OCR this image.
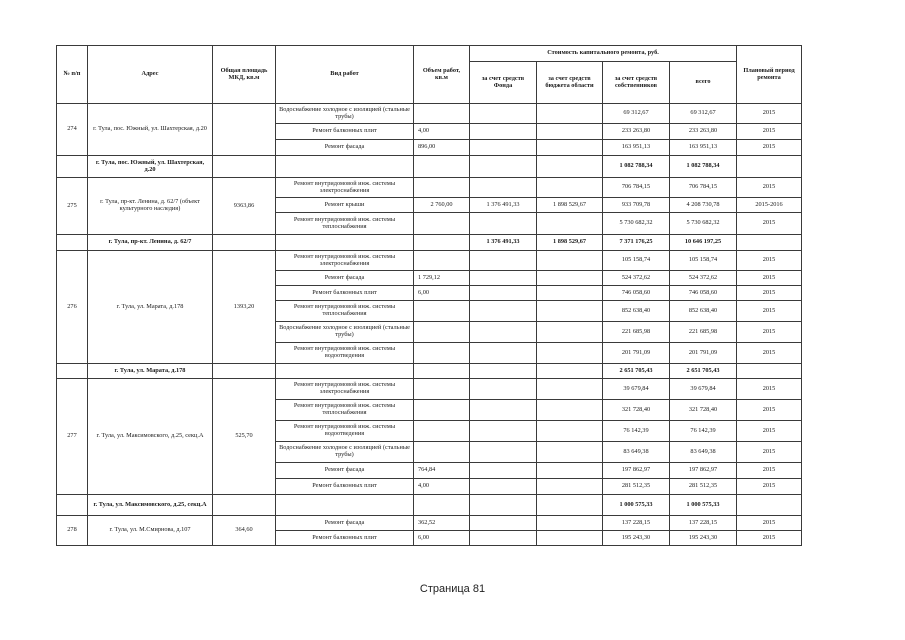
№ п/п	Адрес	Общая площадь МКД, кв.м	Вид работ	Объем работ, кв.м	Стоимость капитального ремонта, руб.				Плановый период ремонта
					за счет средств Фонда	за счет средств бюджета области	за счет средств собственников	всего	
274	г. Тула, пос. Южный, ул. Шахтерская, д.20		Водоснабжение холодное с изоляцией (стальные трубы)				69 312,67	69 312,67	2015
			Ремонт балконных плит	4,00			233 263,80	233 263,80	2015
			Ремонт фасада	896,00			163 951,13	163 951,13	2015
	г. Тула, пос. Южный, ул. Шахтерская, д.20						1 082 788,34	1 082 788,34	
275	г. Тула, пр-кт. Ленина, д. 62/7 (объект культурного наследия)	9363,86	Ремонт внутридомовой инж. системы электроснабжения				706 784,15	706 784,15	2015
			Ремонт крыши	2 760,00	1 376 491,33	1 898 529,67	933 709,78	4 208 730,78	2015-2016
			Ремонт внутридомовой инж. системы теплоснабжения				5 730 682,32	5 730 682,32	2015
	г. Тула, пр-кт. Ленина, д. 62/7				1 376 491,33	1 898 529,67	7 371 176,25	10 646 197,25	
276	г. Тула, ул. Марата, д.178	1393,20	Ремонт внутридомовой инж. системы электроснабжения				105 158,74	105 158,74	2015
			Ремонт фасада	1 729,12			524 372,62	524 372,62	2015
			Ремонт балконных плит	6,00			746 058,60	746 058,60	2015
			Ремонт внутридомовой инж. системы теплоснабжения				852 638,40	852 638,40	2015
			Водоснабжение холодное с изоляцией (стальные трубы)				221 685,98	221 685,98	2015
			Ремонт внутридомовой инж. системы водоотведения				201 791,09	201 791,09	2015
	г. Тула, ул. Марата, д.178						2 651 705,43	2 651 705,43	
277	г. Тула, ул. Максимовского, д.25, секц.А	525,70	Ремонт внутридомовой инж. системы электроснабжения				39 679,84	39 679,84	2015
			Ремонт внутридомовой инж. системы теплоснабжения				321 728,40	321 728,40	2015
			Ремонт внутридомовой инж. системы водоотведения				76 142,39	76 142,39	2015
			Водоснабжение холодное с изоляцией (стальные трубы)				83 649,38	83 649,38	2015
			Ремонт фасада	764,84			197 862,97	197 862,97	2015
			Ремонт балконных плит	4,00			281 512,35	281 512,35	2015
	г. Тула, ул. Максимовского, д.25, секц.А						1 000 575,33	1 000 575,33	
278	г. Тула, ул. М.Смирнова, д.107	364,60	Ремонт фасада	362,52			137 228,15	137 228,15	2015
			Ремонт балконных плит	6,00			195 243,30	195 243,30	2015
Страница 81
